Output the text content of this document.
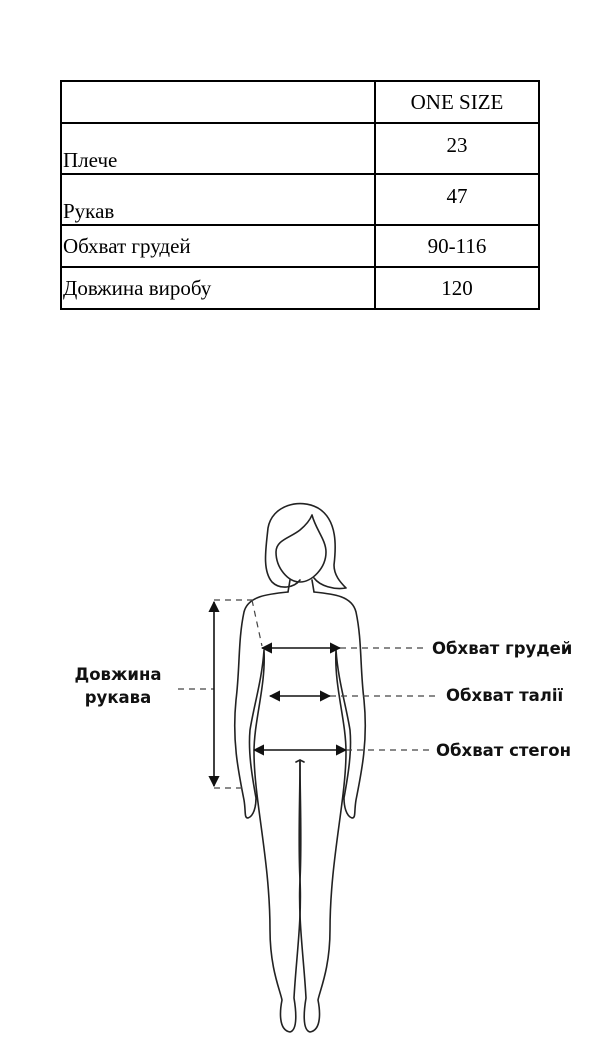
	ONE SIZE
Плече	23
Рукав	47
Обхват грудей	90-116
Довжина виробу	120
Довжина
рукава
Обхват грудей
Обхват талії
Обхват стегон
